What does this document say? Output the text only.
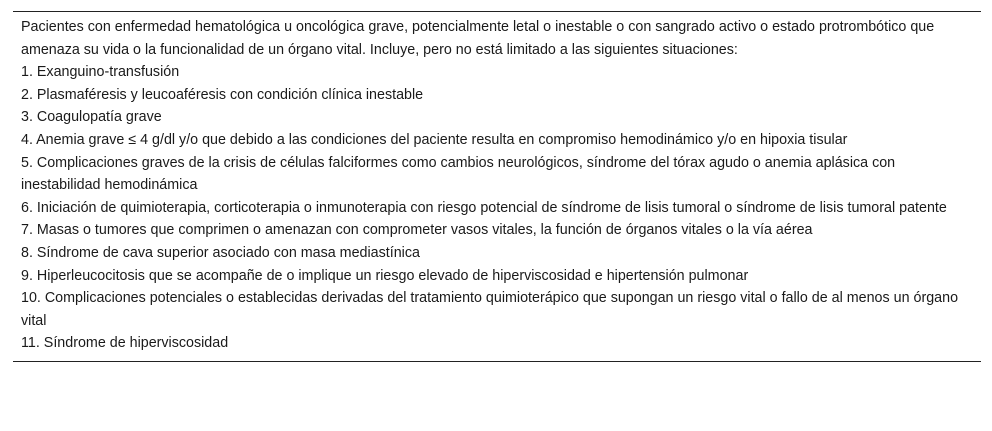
Pacientes con enfermedad hematológica u oncológica grave, potencialmente letal o inestable o con sangrado activo o estado protrombótico que amenaza su vida o la funcionalidad de un órgano vital. Incluye, pero no está limitado a las siguientes situaciones:
1. Exanguino-transfusión
2. Plasmaféresis y leucoaféresis con condición clínica inestable
3. Coagulopatía grave
4. Anemia grave ≤ 4 g/dl y/o que debido a las condiciones del paciente resulta en compromiso hemodinámico y/o en hipoxia tisular
5. Complicaciones graves de la crisis de células falciformes como cambios neurológicos, síndrome del tórax agudo o anemia aplásica con inestabilidad hemodinámica
6. Iniciación de quimioterapia, corticoterapia o inmunoterapia con riesgo potencial de síndrome de lisis tumoral o síndrome de lisis tumoral patente
7. Masas o tumores que comprimen o amenazan con comprometer vasos vitales, la función de órganos vitales o la vía aérea
8. Síndrome de cava superior asociado con masa mediastínica
9. Hiperleucocitosis que se acompañe de o implique un riesgo elevado de hiperviscosidad e hipertensión pulmonar
10. Complicaciones potenciales o establecidas derivadas del tratamiento quimioterápico que supongan un riesgo vital o fallo de al menos un órgano vital
11. Síndrome de hiperviscosidad
